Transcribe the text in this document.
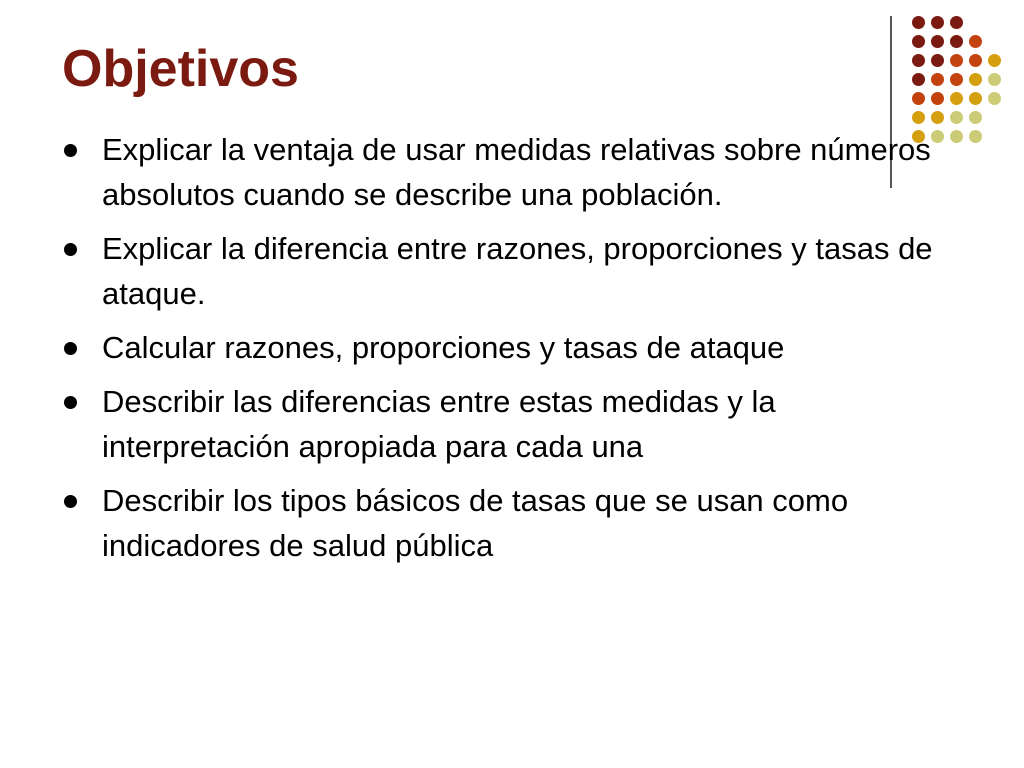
Objetivos
Explicar la ventaja de usar medidas relativas sobre números absolutos cuando se describe una población.
Explicar la diferencia entre razones, proporciones y tasas de ataque.
Calcular razones, proporciones y tasas de ataque
Describir las diferencias entre estas medidas y la interpretación apropiada para cada una
Describir los tipos básicos de tasas que se usan como indicadores de salud pública
